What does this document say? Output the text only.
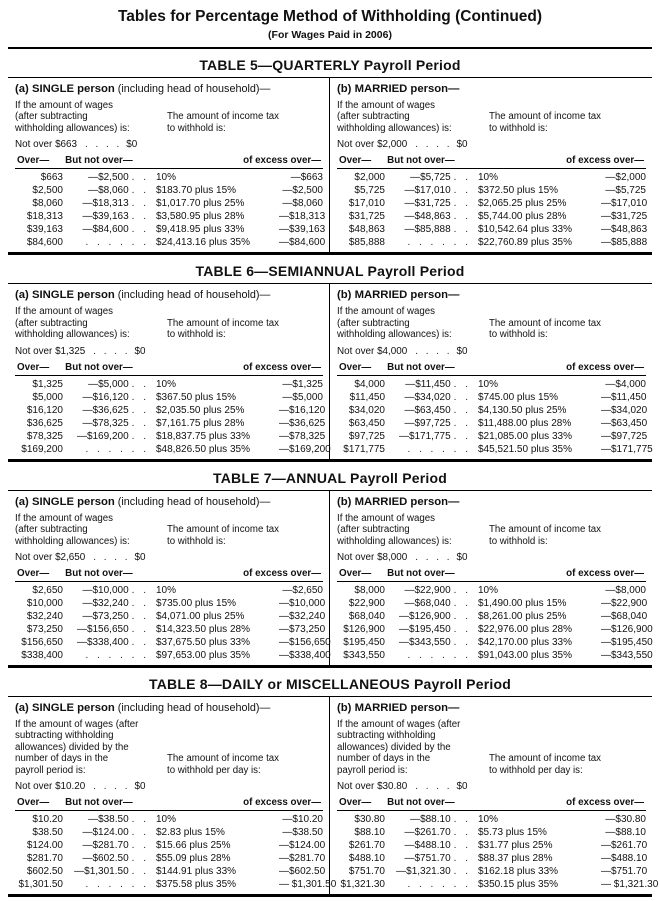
Tables for Percentage Method of Withholding (Continued)
(For Wages Paid in 2006)
TABLE 5—QUARTERLY Payroll Period
(a) SINGLE person (including head of household)—
If the amount of wages
(after subtracting
withholding allowances) is:
The amount of income tax
to withhold is:
Not over $663 . . . . $0
Over— But not over—	of excess over—
$663	—$2,500 . . 10%	—$663
$2,500	—$8,060 . . $183.70 plus 15%	—$2,500
$8,060 —$18,313 . . $1,017.70 plus 25%	—$8,060
$18,313 —$39,163 . . $3,580.95 plus 28%	—$18,313
$39,163 —$84,600 . . $9,418.95 plus 33%	—$39,163
$84,600 . . . . . . $24,413.16 plus 35%	—$84,600
(b) MARRIED person—
If the amount of wages
(after subtracting
withholding allowances) is:
The amount of income tax
to withhold is:
Not over $2,000 . . . . $0
Over— But not over—	of excess over—
$2,000	—$5,725 . . 10%	—$2,000
$5,725 —$17,010 . . $372.50 plus 15%	—$5,725
$17,010 —$31,725 . . $2,065.25 plus 25%	—$17,010
$31,725 —$48,863 . . $5,744.00 plus 28%	—$31,725
$48,863 —$85,888 . . $10,542.64 plus 33%	—$48,863
$85,888 . . . . . . $22,760.89 plus 35%	—$85,888
TABLE 6—SEMIANNUAL Payroll Period
(a) SINGLE person (including head of household)—
If the amount of wages
(after subtracting
withholding allowances) is:
The amount of income tax
to withhold is:
Not over $1,325 . . . . $0
Over— But not over—	of excess over—
$1,325	—$5,000 . . 10%	—$1,325
$5,000 —$16,120 . . $367.50 plus 15%	—$5,000
$16,120 —$36,625 . . $2,035.50 plus 25%	—$16,120
$36,625 —$78,325 . . $7,161.75 plus 28%	—$36,625
$78,325 —$169,200 . . $18,837.75 plus 33%	—$78,325
$169,200 . . . . . . $48,826.50 plus 35%	—$169,200
(b) MARRIED person—
If the amount of wages
(after subtracting
withholding allowances) is:
The amount of income tax
to withhold is:
Not over $4,000 . . . . $0
Over— But not over—	of excess over—
$4,000 —$11,450 . . 10%	—$4,000
$11,450 —$34,020 . . $745.00 plus 15%	—$11,450
$34,020 —$63,450 . . $4,130.50 plus 25%	—$34,020
$63,450 —$97,725 . . $11,488.00 plus 28%	—$63,450
$97,725 —$171,775 . . $21,085.00 plus 33%	—$97,725
$171,775 . . . . . . $45,521.50 plus 35%	—$171,775
TABLE 7—ANNUAL Payroll Period
(a) SINGLE person (including head of household)—
If the amount of wages
(after subtracting
withholding allowances) is:
The amount of income tax
to withhold is:
Not over $2,650 . . . . $0
Over— But not over—	of excess over—
$2,650 —$10,000 . . 10%	—$2,650
$10,000 —$32,240 . . $735.00 plus 15%	—$10,000
$32,240 —$73,250 . . $4,071.00 plus 25%	—$32,240
$73,250 —$156,650 . . $14,323.50 plus 28%	—$73,250
$156,650 —$338,400 . . $37,675.50 plus 33%	—$156,650
$338,400 . . . . . . $97,653.00 plus 35%	—$338,400
(b) MARRIED person—
If the amount of wages
(after subtracting
withholding allowances) is:
The amount of income tax
to withhold is:
Not over $8,000 . . . . $0
Over— But not over—	of excess over—
$8,000 —$22,900 . . 10%	—$8,000
$22,900 —$68,040 . . $1,490.00 plus 15%	—$22,900
$68,040 —$126,900 . . $8,261.00 plus 25%	—$68,040
$126,900 —$195,450 . . $22,976.00 plus 28%	—$126,900
$195,450 —$343,550 . . $42,170.00 plus 33%	—$195,450
$343,550 . . . . . . $91,043.00 plus 35%	—$343,550
TABLE 8—DAILY or MISCELLANEOUS Payroll Period
(a) SINGLE person (including head of household)—
If the amount of wages (after
subtracting withholding
allowances) divided by the
number of days in the
payroll period is:
The amount of income tax
to withhold per day is:
Not over $10.20 . . . . $0
Over— But not over—	of excess over—
$10.20	—$38.50 . . 10%	—$10.20
$38.50 —$124.00 . . $2.83 plus 15%	—$38.50
$124.00 —$281.70 . . $15.66 plus 25%	—$124.00
$281.70 —$602.50 . . $55.09 plus 28%	—$281.70
$602.50 —$1,301.50 . . $144.91 plus 33%	—$602.50
$1,301.50 . . . . . . $375.58 plus 35%	— $1,301.50
(b) MARRIED person—
If the amount of wages (after
subtracting withholding
allowances) divided by the
number of days in the
payroll period is:
The amount of income tax
to withhold per day is:
Not over $30.80 . . . . $0
Over— But not over—	of excess over—
$30.80	—$88.10 . . 10%	—$30.80
$88.10 —$261.70 . . $5.73 plus 15%	—$88.10
$261.70 —$488.10 . . $31.77 plus 25%	—$261.70
$488.10 —$751.70 . . $88.37 plus 28%	—$488.10
$751.70 —$1,321.30 . . $162.18 plus 33%	—$751.70
$1,321.30 . . . . . . $350.15 plus 35%	— $1,321.30
